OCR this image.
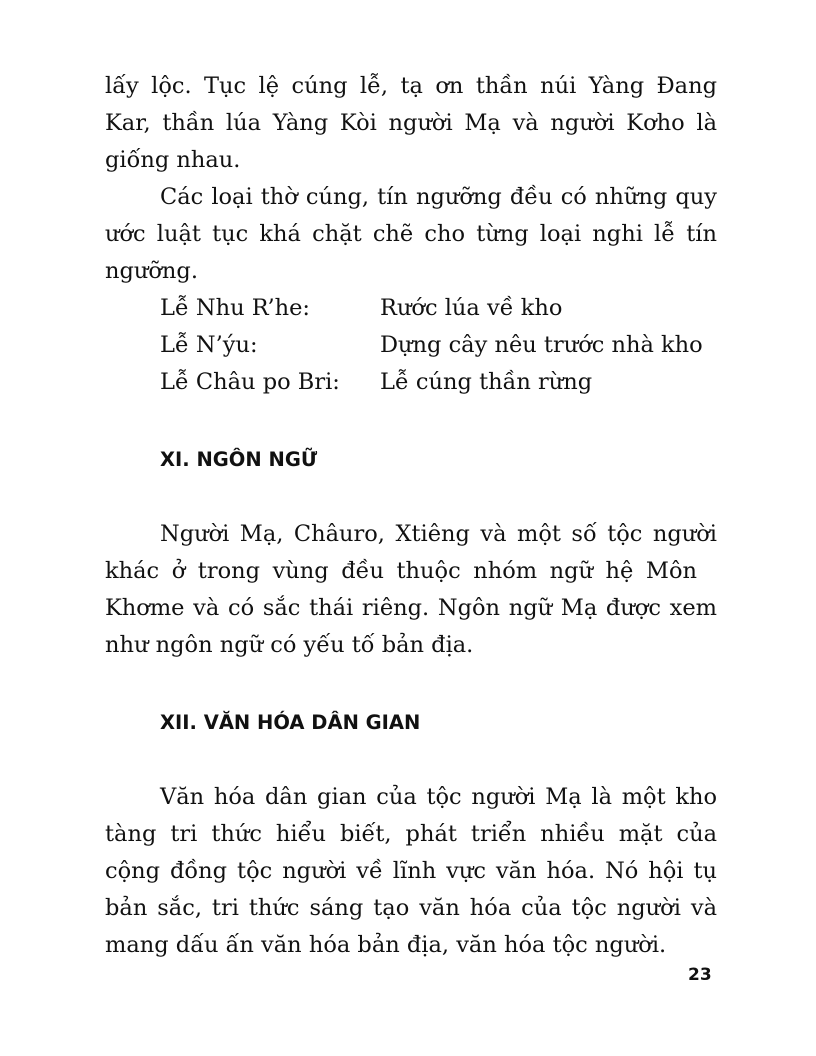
lấy lộc. Tục lệ cúng lễ, tạ ơn thần núi Yàng Đang
Kar, thần lúa Yàng Kòi người Mạ và người Kơho là
giống nhau.
Các loại thờ cúng, tín ngưỡng đều có những quy
ước luật tục khá chặt chẽ cho từng loại nghi lễ tín
ngưỡng.
Lễ Nhu R’he:	Rước lúa về kho
Lễ N’ýu:	Dựng cây nêu trước nhà kho
Lễ Châu po Bri:	Lễ cúng thần rừng
XI. NGÔN NGỮ
Người Mạ, Châuro, Xtiêng và một số tộc người
khác ở trong vùng đều thuộc nhóm ngữ hệ Môn
Khơme và có sắc thái riêng. Ngôn ngữ Mạ được xem
như ngôn ngữ có yếu tố bản địa.
XII. VĂN HÓA DÂN GIAN
Văn hóa dân gian của tộc người Mạ là một kho
tàng tri thức hiểu biết, phát triển nhiều mặt của
cộng đồng tộc người về lĩnh vực văn hóa. Nó hội tụ
bản sắc, tri thức sáng tạo văn hóa của tộc người và
mang dấu ấn văn hóa bản địa, văn hóa tộc người.
23
